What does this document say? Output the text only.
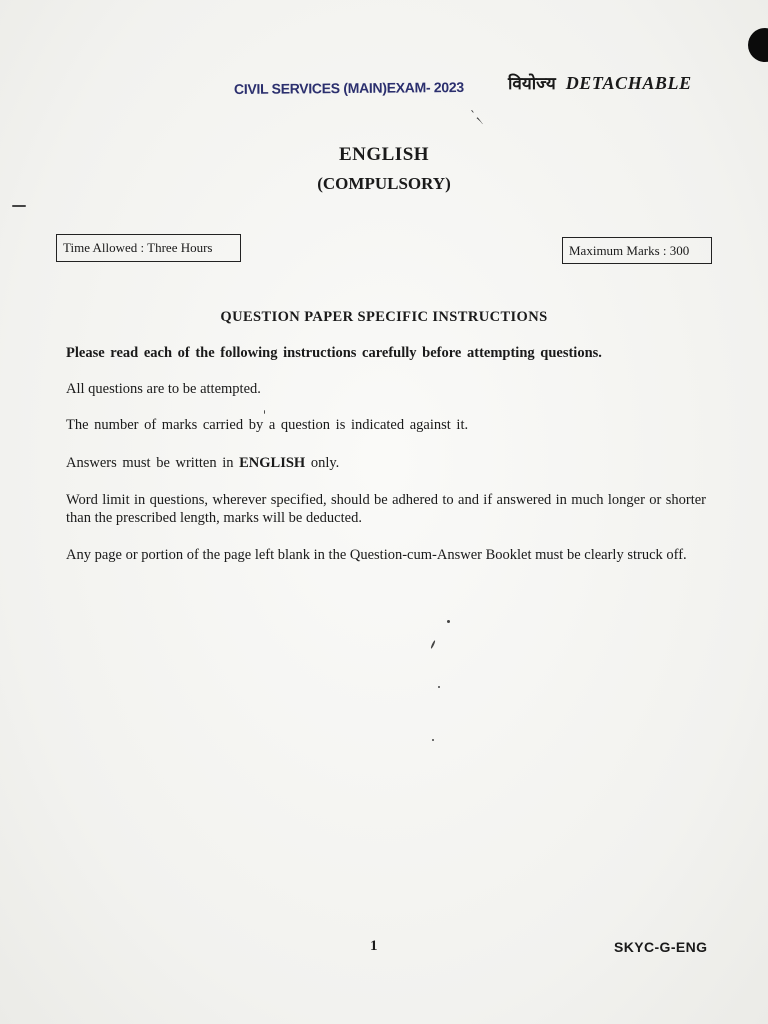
CIVIL SERVICES (MAIN)EXAM- 2023	वियोज्य DETACHABLE
ˋ৲
ENGLISH
(COMPULSORY)
Time Allowed : Three Hours	Maximum Marks : 300
QUESTION PAPER SPECIFIC INSTRUCTIONS

Please read each of the following instructions carefully before attempting questions.

All questions are to be attempted.

The number of marks carried by a question is indicated against it.

Answers must be written in ENGLISH only.

Word limit in questions, wherever specified, should be adhered to and if answered in much longer or shorter than the prescribed length, marks will be deducted.

Any page or portion of the page left blank in the Question-cum-Answer Booklet must be clearly struck off.

1	SKYC-G-ENG
